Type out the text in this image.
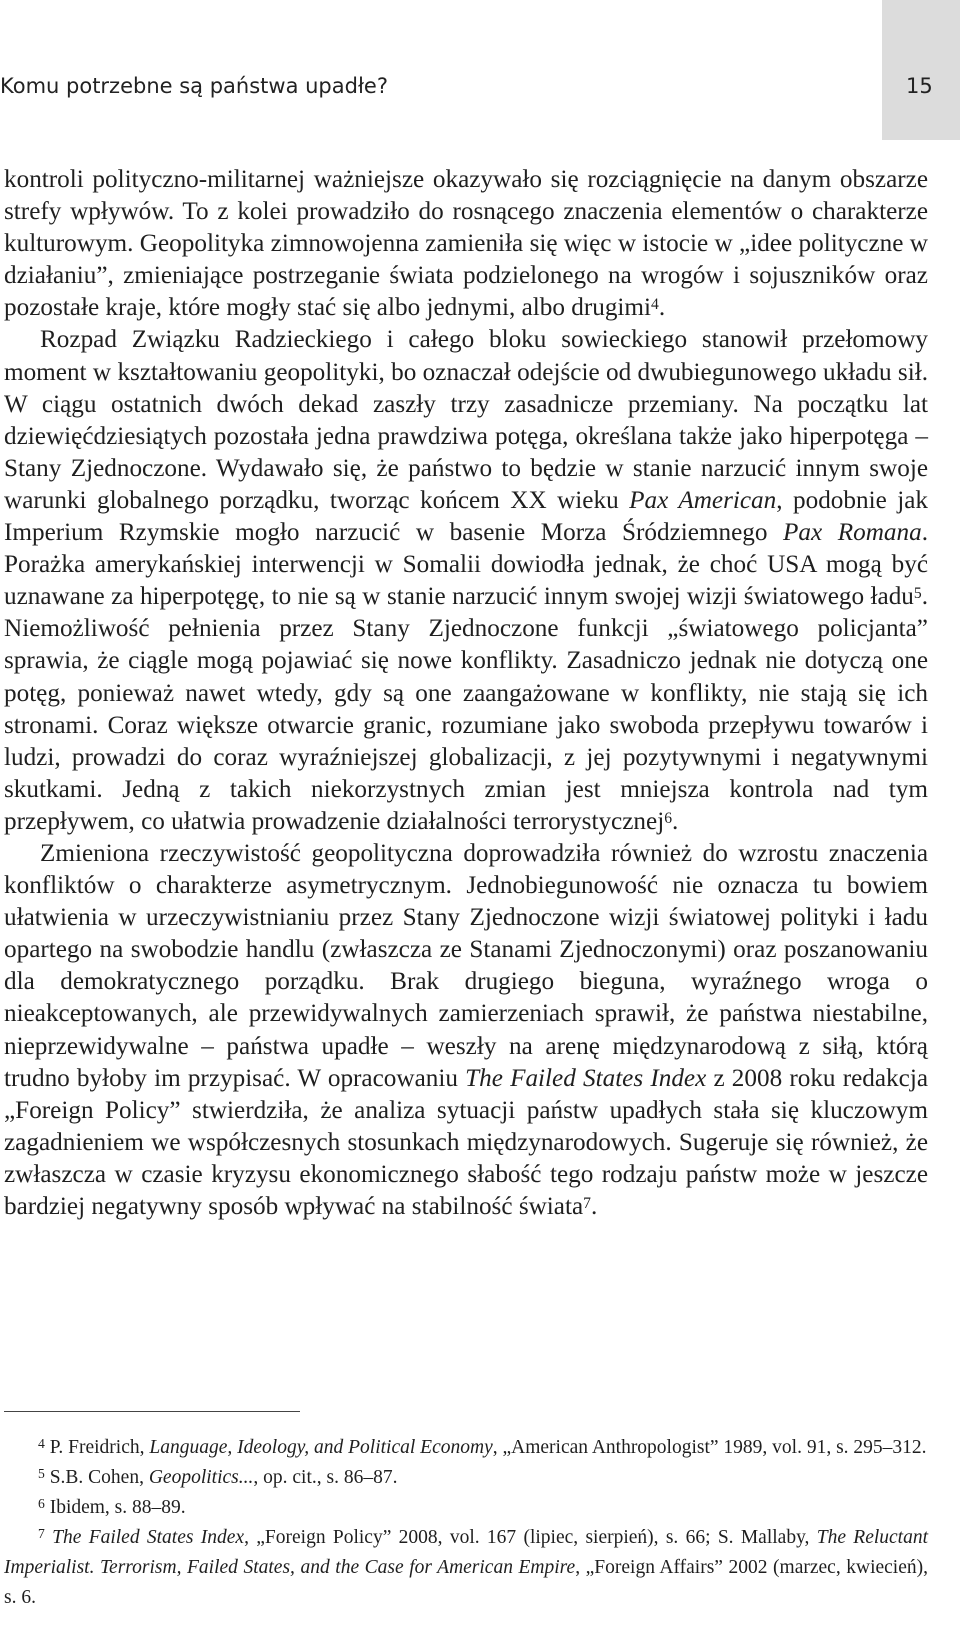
Komu potrzebne są państwa upadłe?	15

kontroli polityczno-militarnej ważniejsze okazywało się rozciągnięcie na danym obszarze strefy wpływów. To z kolei prowadziło do rosnącego znaczenia elementów o charakterze kulturowym. Geopolityka zimnowojenna zamieniła się więc w istocie w „idee polityczne w działaniu”, zmieniające postrzeganie świata podzielonego na wrogów i sojuszników oraz pozostałe kraje, które mogły stać się albo jednymi, albo drugimi$^4$.

Rozpad Związku Radzieckiego i całego bloku sowieckiego stanowił przełomowy moment w kształtowaniu geopolityki, bo oznaczał odejście od dwubiegunowego układu sił. W ciągu ostatnich dwóch dekad zaszły trzy zasadnicze przemiany. Na początku lat dziewięćdziesiątych pozostała jedna prawdziwa potęga, określana także jako hiperpotęga – Stany Zjednoczone. Wydawało się, że państwo to będzie w stanie narzucić innym swoje warunki globalnego porządku, tworząc końcem XX wieku Pax American, podobnie jak Imperium Rzymskie mogło narzucić w basenie Morza Śródziemnego Pax Romana. Porażka amerykańskiej interwencji w Somalii dowiodła jednak, że choć USA mogą być uznawane za hiperpotęgę, to nie są w stanie narzucić innym swojej wizji światowego ładu$^5$. Niemożliwość pełnienia przez Stany Zjednoczone funkcji „światowego policjanta” sprawia, że ciągle mogą pojawiać się nowe konflikty. Zasadniczo jednak nie dotyczą one potęg, ponieważ nawet wtedy, gdy są one zaangażowane w konflikty, nie stają się ich stronami. Coraz większe otwarcie granic, rozumiane jako swoboda przepływu towarów i ludzi, prowadzi do coraz wyraźniejszej globalizacji, z jej pozytywnymi i negatywnymi skutkami. Jedną z takich niekorzystnych zmian jest mniejsza kontrola nad tym przepływem, co ułatwia prowadzenie działalności terrorystycznej$^6$.

Zmieniona rzeczywistość geopolityczna doprowadziła również do wzrostu znaczenia konfliktów o charakterze asymetrycznym. Jednobiegunowość nie oznacza tu bowiem ułatwienia w urzeczywistnianiu przez Stany Zjednoczone wizji światowej polityki i ładu opartego na swobodzie handlu (zwłaszcza ze Stanami Zjednoczonymi) oraz poszanowaniu dla demokratycznego porządku. Brak drugiego bieguna, wyraźnego wroga o nieakceptowanych, ale przewidywalnych zamierzeniach sprawił, że państwa niestabilne, nieprzewidywalne – państwa upadłe – weszły na arenę międzynarodową z siłą, którą trudno byłoby im przypisać. W opracowaniu The Failed States Index z 2008 roku redakcja „Foreign Policy” stwierdziła, że analiza sytuacji państw upadłych stała się kluczowym zagadnieniem we współczesnych stosunkach międzynarodowych. Sugeruje się również, że zwłaszcza w czasie kryzysu ekonomicznego słabość tego rodzaju państw może w jeszcze bardziej negatywny sposób wpływać na stabilność świata$^7$.

$^4$ P. Freidrich, Language, Ideology, and Political Economy, „American Anthropologist” 1989, vol. 91, s. 295–312.

$^5$ S.B. Cohen, Geopolitics..., op. cit., s. 86–87.

$^6$ Ibidem, s. 88–89.

$^7$ The Failed States Index, „Foreign Policy” 2008, vol. 167 (lipiec, sierpień), s. 66; S. Mallaby, The Reluctant Imperialist. Terrorism, Failed States, and the Case for American Empire, „Foreign Affairs” 2002 (marzec, kwiecień), s. 6.
